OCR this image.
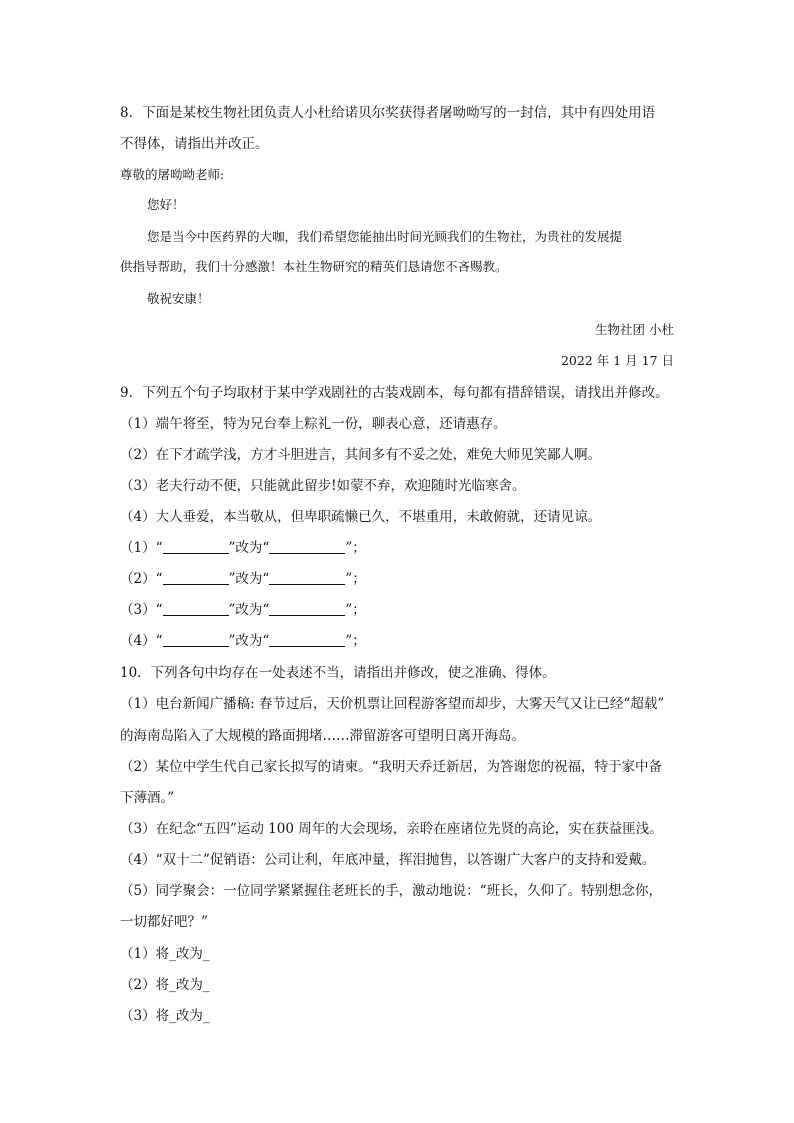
8．下面是某校生物社团负责人小杜给诺贝尔奖获得者屠呦呦写的一封信，其中有四处用语
不得体，请指出并改正。
尊敬的屠呦呦老师:
您好！
您是当今中医药界的大咖，我们希望您能抽出时间光顾我们的生物社，为贵社的发展提
供指导帮助，我们十分感激！本社生物研究的精英们恳请您不吝赐教。
敬祝安康！
生物社团 小杜
2022 年 1 月 17 日
9．下列五个句子均取材于某中学戏剧社的古装戏剧本，每句都有措辞错误，请找出并修改。
（1）端午将至，特为兄台奉上粽礼一份，聊表心意，还请惠存。
（2）在下才疏学浅，方才斗胆进言，其间多有不妥之处，难免大师见笑鄙人啊。
（3）老夫行动不便，只能就此留步!如蒙不弃，欢迎随时光临寒舍。
（4）大人垂爱，本当敬从，但卑职疏懒已久，不堪重用，未敢俯就，还请见谅。
（1）“	”改为“	”；
（2）“	”改为“	”；
（3）“	”改为“	”；
（4）“	”改为“	”；
10．下列各句中均存在一处表述不当，请指出并修改，使之准确、得体。
（1）电台新闻广播稿: 春节过后，天价机票让回程游客望而却步，大雾天气又让已经“超载”
的海南岛陷入了大规模的路面拥堵……滞留游客可望明日离开海岛。
（2）某位中学生代自己家长拟写的请柬。“我明天乔迁新居，为答谢您的祝福，特于家中备
下薄酒。”
（3）在纪念“五四”运动 100 周年的大会现场，亲聆在座诸位先贤的高论，实在获益匪浅。
（4）“双十二”促销语：公司让利，年底冲量，挥泪抛售，以答谢广大客户的支持和爱戴。
（5）同学聚会：一位同学紧紧握住老班长的手，激动地说：“班长，久仰了。特别想念你，
一切都好吧？”
（1）将_改为_
（2）将_改为_
（3）将_改为_
